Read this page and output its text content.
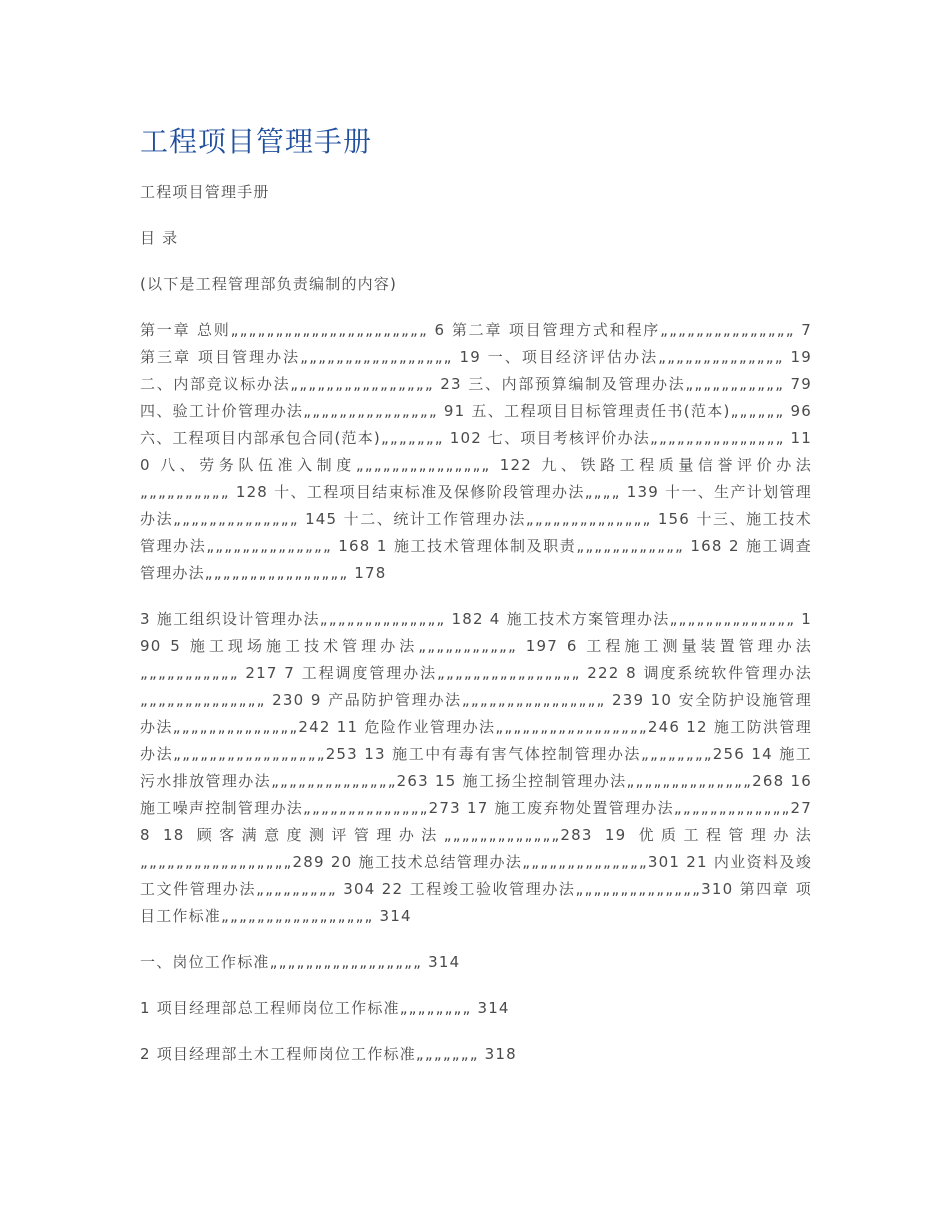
工程项目管理手册

工程项目管理手册

目 录

(以下是工程管理部负责编制的内容)

第一章 总则„„„„„„„„„„„„„„„„„„„„„„ 6 第二章 项目管理方式和程序„„„„„„„„„„„„„„„ 7 第三章 项目管理办法„„„„„„„„„„„„„„„„„ 19 一、项目经济评估办法„„„„„„„„„„„„„„ 19 二、内部竞议标办法„„„„„„„„„„„„„„„„ 23 三、内部预算编制及管理办法„„„„„„„„„„„ 79 四、验工计价管理办法„„„„„„„„„„„„„„„ 91 五、工程项目目标管理责任书(范本)„„„„„„ 96 六、工程项目内部承包合同(范本)„„„„„„„ 102 七、项目考核评价办法„„„„„„„„„„„„„„„ 110 八、劳务队伍准入制度„„„„„„„„„„„„„„„ 122 九、铁路工程质量信誉评价办法„„„„„„„„„„ 128 十、工程项目结束标准及保修阶段管理办法„„„„ 139 十一、生产计划管理办法„„„„„„„„„„„„„„ 145 十二、统计工作管理办法„„„„„„„„„„„„„„ 156 十三、施工技术管理办法„„„„„„„„„„„„„„ 168 1 施工技术管理体制及职责„„„„„„„„„„„„ 168 2 施工调查管理办法„„„„„„„„„„„„„„„„ 178

3 施工组织设计管理办法„„„„„„„„„„„„„„ 182 4 施工技术方案管理办法„„„„„„„„„„„„„„ 190 5 施工现场施工技术管理办法„„„„„„„„„„„ 197 6 工程施工测量装置管理办法„„„„„„„„„„„ 217 7 工程调度管理办法„„„„„„„„„„„„„„„„ 222 8 调度系统软件管理办法„„„„„„„„„„„„„„ 230 9 产品防护管理办法„„„„„„„„„„„„„„„„ 239 10 安全防护设施管理办法„„„„„„„„„„„„„„242 11 危险作业管理办法„„„„„„„„„„„„„„„„„246 12 施工防洪管理办法„„„„„„„„„„„„„„„„„253 13 施工中有毒有害气体控制管理办法„„„„„„„„256 14 施工污水排放管理办法„„„„„„„„„„„„„„263 15 施工扬尘控制管理办法„„„„„„„„„„„„„„268 16 施工噪声控制管理办法„„„„„„„„„„„„„„273 17 施工废弃物处置管理办法„„„„„„„„„„„„„278 18 顾客满意度测评管理办法„„„„„„„„„„„„„283 19 优质工程管理办法„„„„„„„„„„„„„„„„„289 20 施工技术总结管理办法„„„„„„„„„„„„„„301 21 内业资料及竣工文件管理办法„„„„„„„„„ 304 22 工程竣工验收管理办法„„„„„„„„„„„„„„310 第四章 项目工作标准„„„„„„„„„„„„„„„„„ 314

一、岗位工作标准„„„„„„„„„„„„„„„„„ 314

1 项目经理部总工程师岗位工作标准„„„„„„„„ 314

2 项目经理部土木工程师岗位工作标准„„„„„„„ 318
